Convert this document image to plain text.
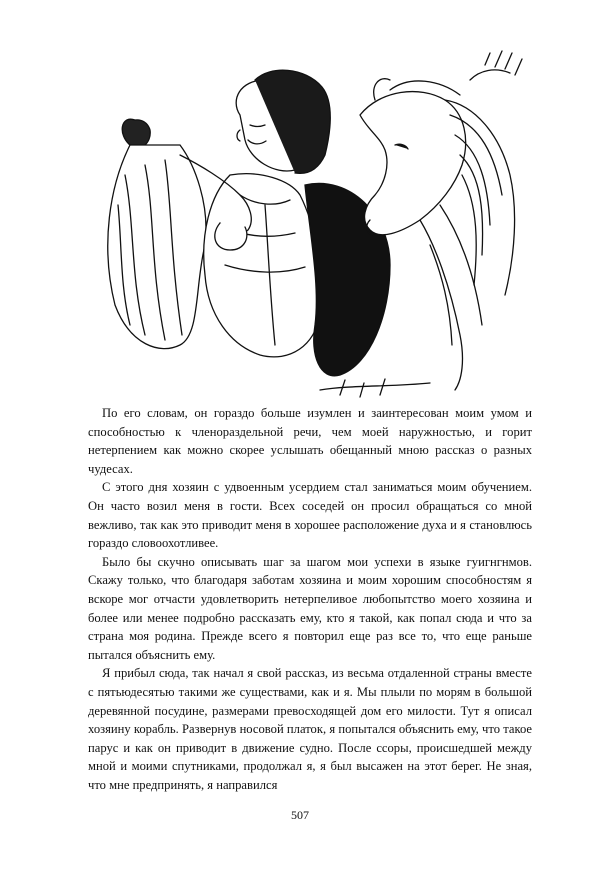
По его словам, он гораздо больше изумлен и заинтересован моим умом и способностью к членораздельной речи, чем моей наружностью, и горит нетерпением как можно скорее услышать обещанный мною рассказ о разных чудесах.

С этого дня хозяин с удвоенным усердием стал заниматься моим обучением. Он часто возил меня в гости. Всех соседей он просил обращаться со мной вежливо, так как это приводит меня в хорошее расположение духа и я становлюсь гораздо словоохотливее.

Было бы скучно описывать шаг за шагом мои успехи в языке гуигнгнмов. Скажу только, что благодаря заботам хозяина и моим хорошим способностям я вскоре мог отчасти удовлетворить нетерпеливое любопытство моего хозяина и более или менее подробно рассказать ему, кто я такой, как попал сюда и что за страна моя родина. Прежде всего я повторил еще раз все то, что еще раньше пытался объяснить ему.

Я прибыл сюда, так начал я свой рассказ, из весьма отдаленной страны вместе с пятьюдесятью такими же существами, как и я. Мы плыли по морям в большой деревянной посудине, размерами превосходящей дом его милости. Тут я описал хозяину корабль. Развернув носовой платок, я попытался объяснить ему, что такое парус и как он приводит в движение судно. После ссоры, происшедшей между мной и моими спутниками, продолжал я, я был высажен на этот берег. Не зная, что мне предпринять, я направился

507
